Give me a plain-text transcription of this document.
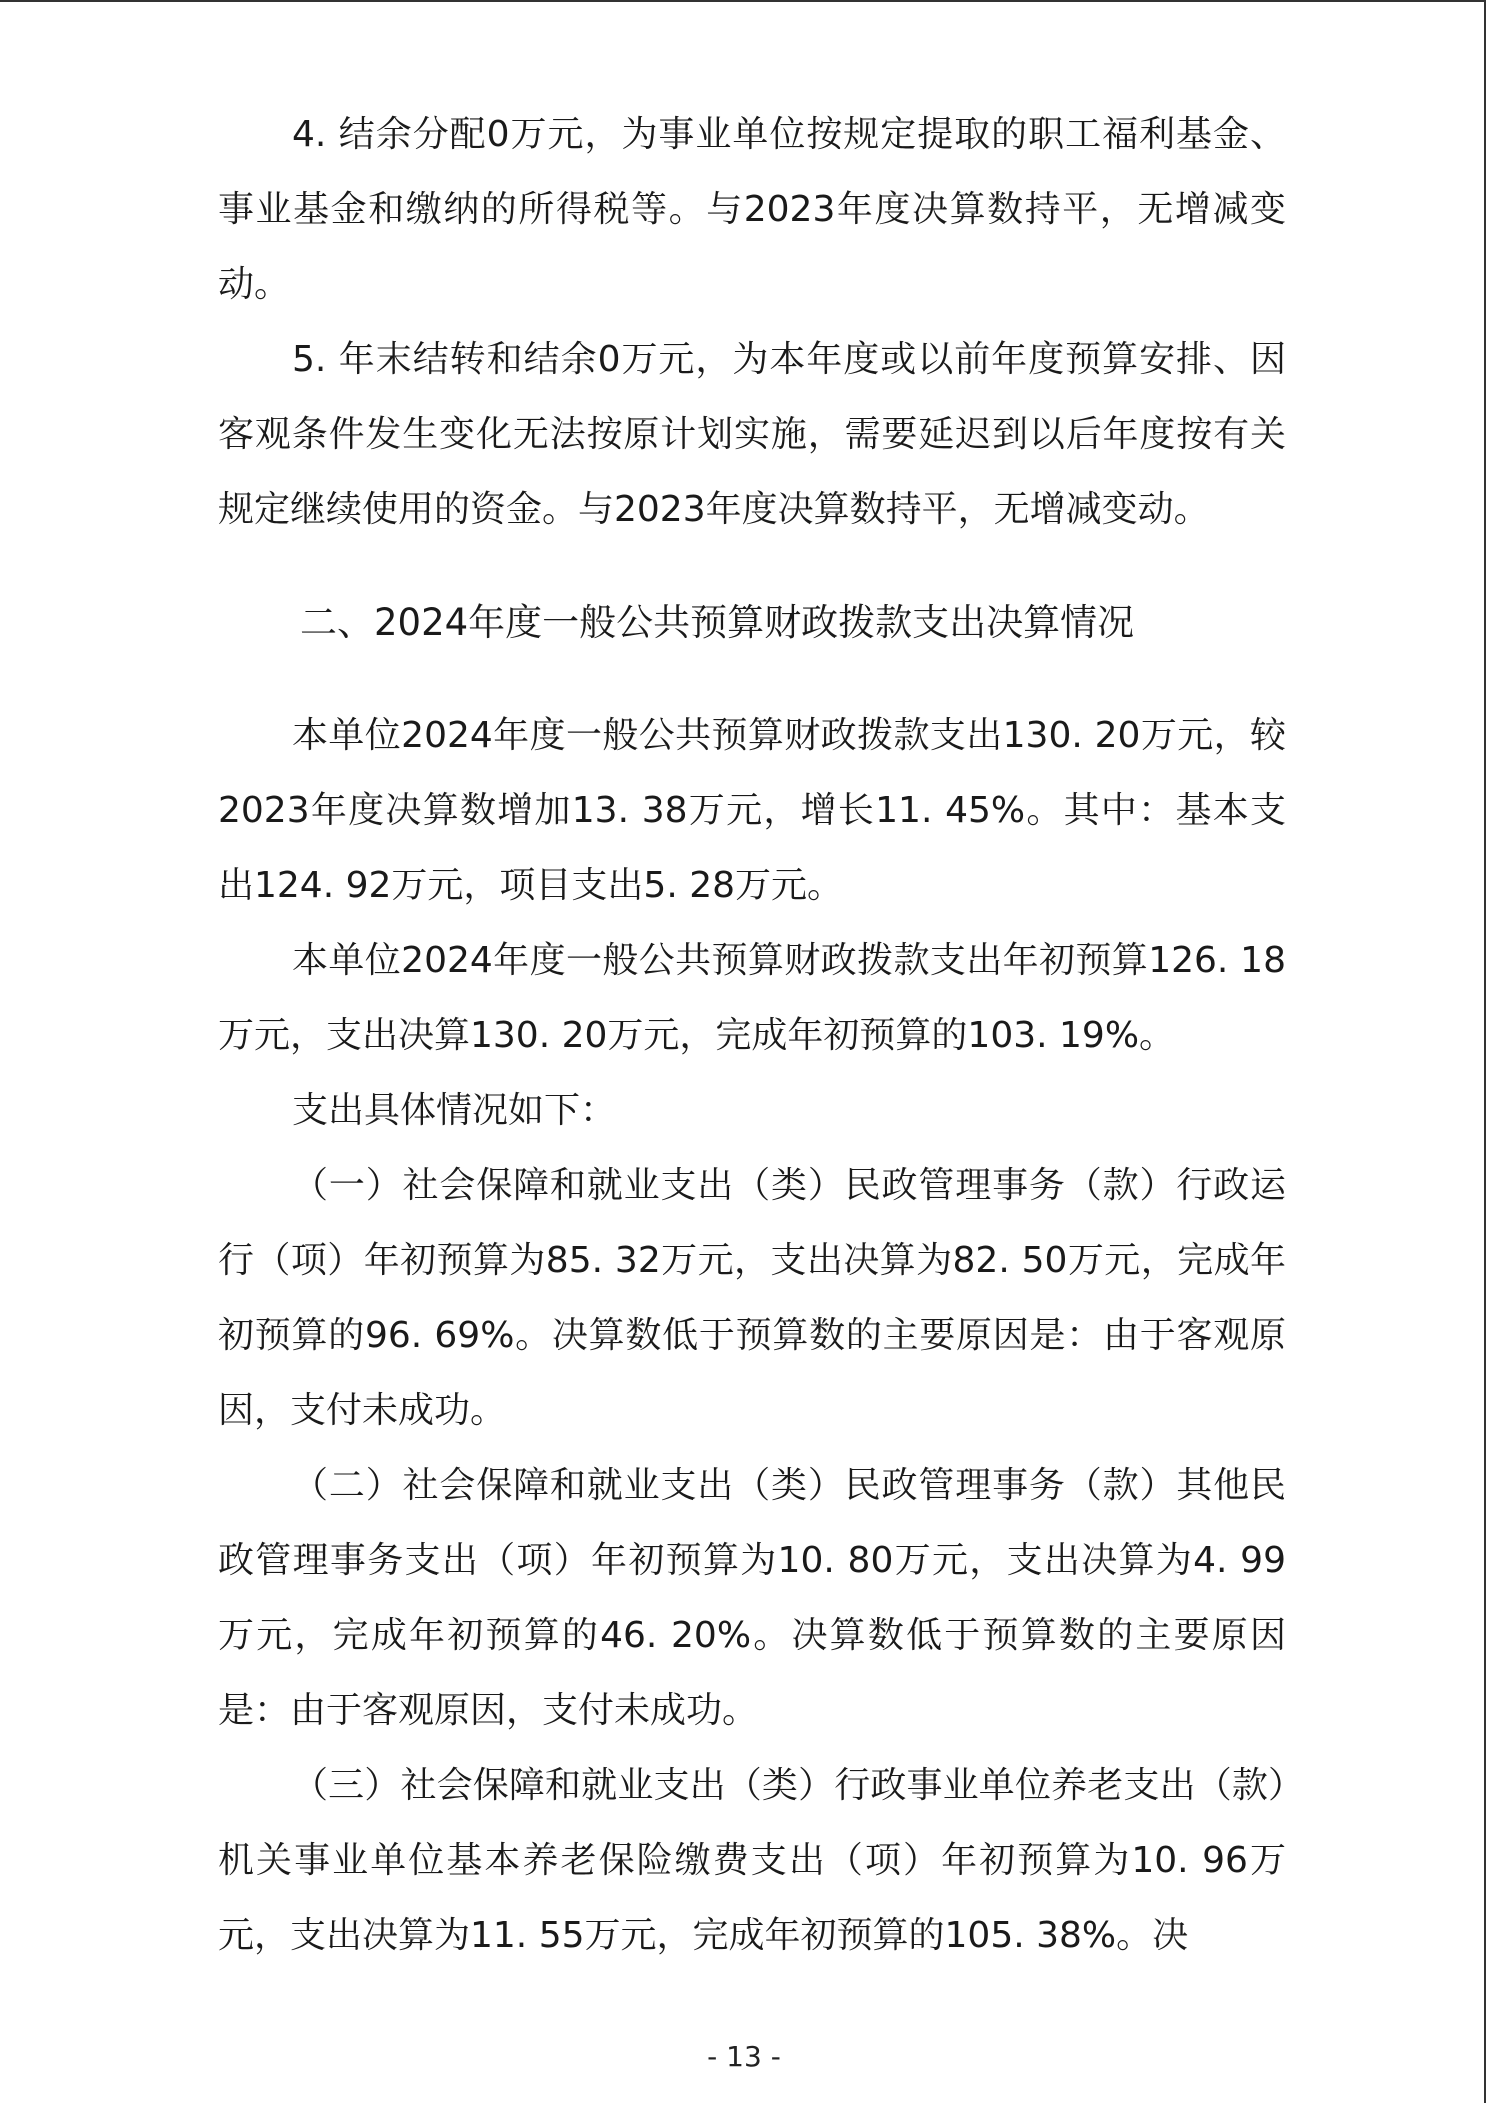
4. 结余分配0万元，为事业单位按规定提取的职工福利基金、事业基金和缴纳的所得税等。与2023年度决算数持平，无增减变动。

5. 年末结转和结余0万元，为本年度或以前年度预算安排、因客观条件发生变化无法按原计划实施，需要延迟到以后年度按有关规定继续使用的资金。与2023年度决算数持平，无增减变动。

二、2024年度一般公共预算财政拨款支出决算情况

本单位2024年度一般公共预算财政拨款支出130. 20万元，较2023年度决算数增加13. 38万元，增长11. 45%。其中：基本支出124. 92万元，项目支出5. 28万元。

本单位2024年度一般公共预算财政拨款支出年初预算126. 18万元，支出决算130. 20万元，完成年初预算的103. 19%。

支出具体情况如下：

（一）社会保障和就业支出（类）民政管理事务（款）行政运行（项）年初预算为85. 32万元，支出决算为82. 50万元，完成年初预算的96. 69%。决算数低于预算数的主要原因是：由于客观原因，支付未成功。

（二）社会保障和就业支出（类）民政管理事务（款）其他民政管理事务支出（项）年初预算为10. 80万元，支出决算为4. 99万元，完成年初预算的46. 20%。决算数低于预算数的主要原因是：由于客观原因，支付未成功。

（三）社会保障和就业支出（类）行政事业单位养老支出（款）机关事业单位基本养老保险缴费支出（项）年初预算为10. 96万元，支出决算为11. 55万元，完成年初预算的105. 38%。决

- 13 -
